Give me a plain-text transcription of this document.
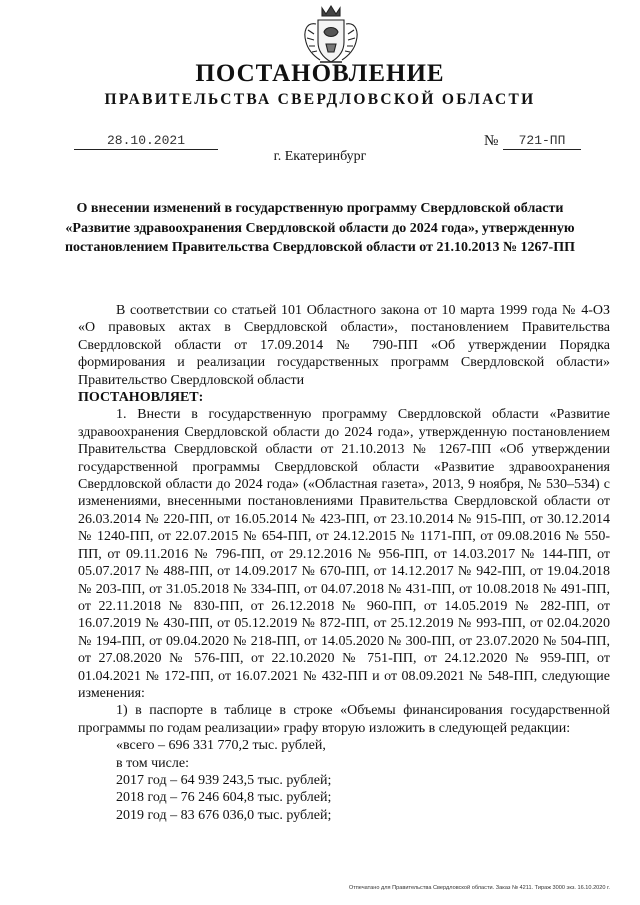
ПОСТАНОВЛЕНИЕ
ПРАВИТЕЛЬСТВА СВЕРДЛОВСКОЙ ОБЛАСТИ
28.10.2021	№	721-ПП
г. Екатеринбург
О внесении изменений в государственную программу Свердловской области «Развитие здравоохранения Свердловской области до 2024 года», утвержденную постановлением Правительства Свердловской области от 21.10.2013 № 1267-ПП

В соответствии со статьей 101 Областного закона от 10 марта 1999 года № 4-ОЗ «О правовых актах в Свердловской области», постановлением Правительства Свердловской области от 17.09.2014 № 790-ПП «Об утверждении Порядка формирования и реализации государственных программ Свердловской области» Правительство Свердловской области

ПОСТАНОВЛЯЕТ:

1. Внести в государственную программу Свердловской области «Развитие здравоохранения Свердловской области до 2024 года», утвержденную постановлением Правительства Свердловской области от 21.10.2013 № 1267-ПП «Об утверждении государственной программы Свердловской области «Развитие здравоохранения Свердловской области до 2024 года» («Областная газета», 2013, 9 ноября, № 530–534) с изменениями, внесенными постановлениями Правительства Свердловской области от 26.03.2014 № 220-ПП, от 16.05.2014 № 423-ПП, от 23.10.2014 № 915-ПП, от 30.12.2014 № 1240-ПП, от 22.07.2015 № 654-ПП, от 24.12.2015 № 1171-ПП, от 09.08.2016 № 550-ПП, от 09.11.2016 № 796-ПП, от 29.12.2016 № 956-ПП, от 14.03.2017 № 144-ПП, от 05.07.2017 № 488-ПП, от 14.09.2017 № 670-ПП, от 14.12.2017 № 942-ПП, от 19.04.2018 № 203-ПП, от 31.05.2018 № 334-ПП, от 04.07.2018 № 431-ПП, от 10.08.2018 № 491-ПП, от 22.11.2018 № 830-ПП, от 26.12.2018 № 960-ПП, от 14.05.2019 № 282-ПП, от 16.07.2019 № 430-ПП, от 05.12.2019 № 872-ПП, от 25.12.2019 № 993-ПП, от 02.04.2020 № 194-ПП, от 09.04.2020 № 218-ПП, от 14.05.2020 № 300-ПП, от 23.07.2020 № 504-ПП, от 27.08.2020 № 576-ПП, от 22.10.2020 № 751-ПП, от 24.12.2020 № 959-ПП, от 01.04.2021 № 172-ПП, от 16.07.2021 № 432-ПП и от 08.09.2021 № 548-ПП, следующие изменения:

1) в паспорте в таблице в строке «Объемы финансирования государственной программы по годам реализации» графу вторую изложить в следующей редакции:

«всего – 696 331 770,2 тыс. рублей,

в том числе:

2017 год – 64 939 243,5 тыс. рублей;

2018 год – 76 246 604,8 тыс. рублей;

2019 год – 83 676 036,0 тыс. рублей;

Отпечатано для Правительства Свердловской области. Заказ № 4211. Тираж 3000 экз. 16.10.2020 г.
